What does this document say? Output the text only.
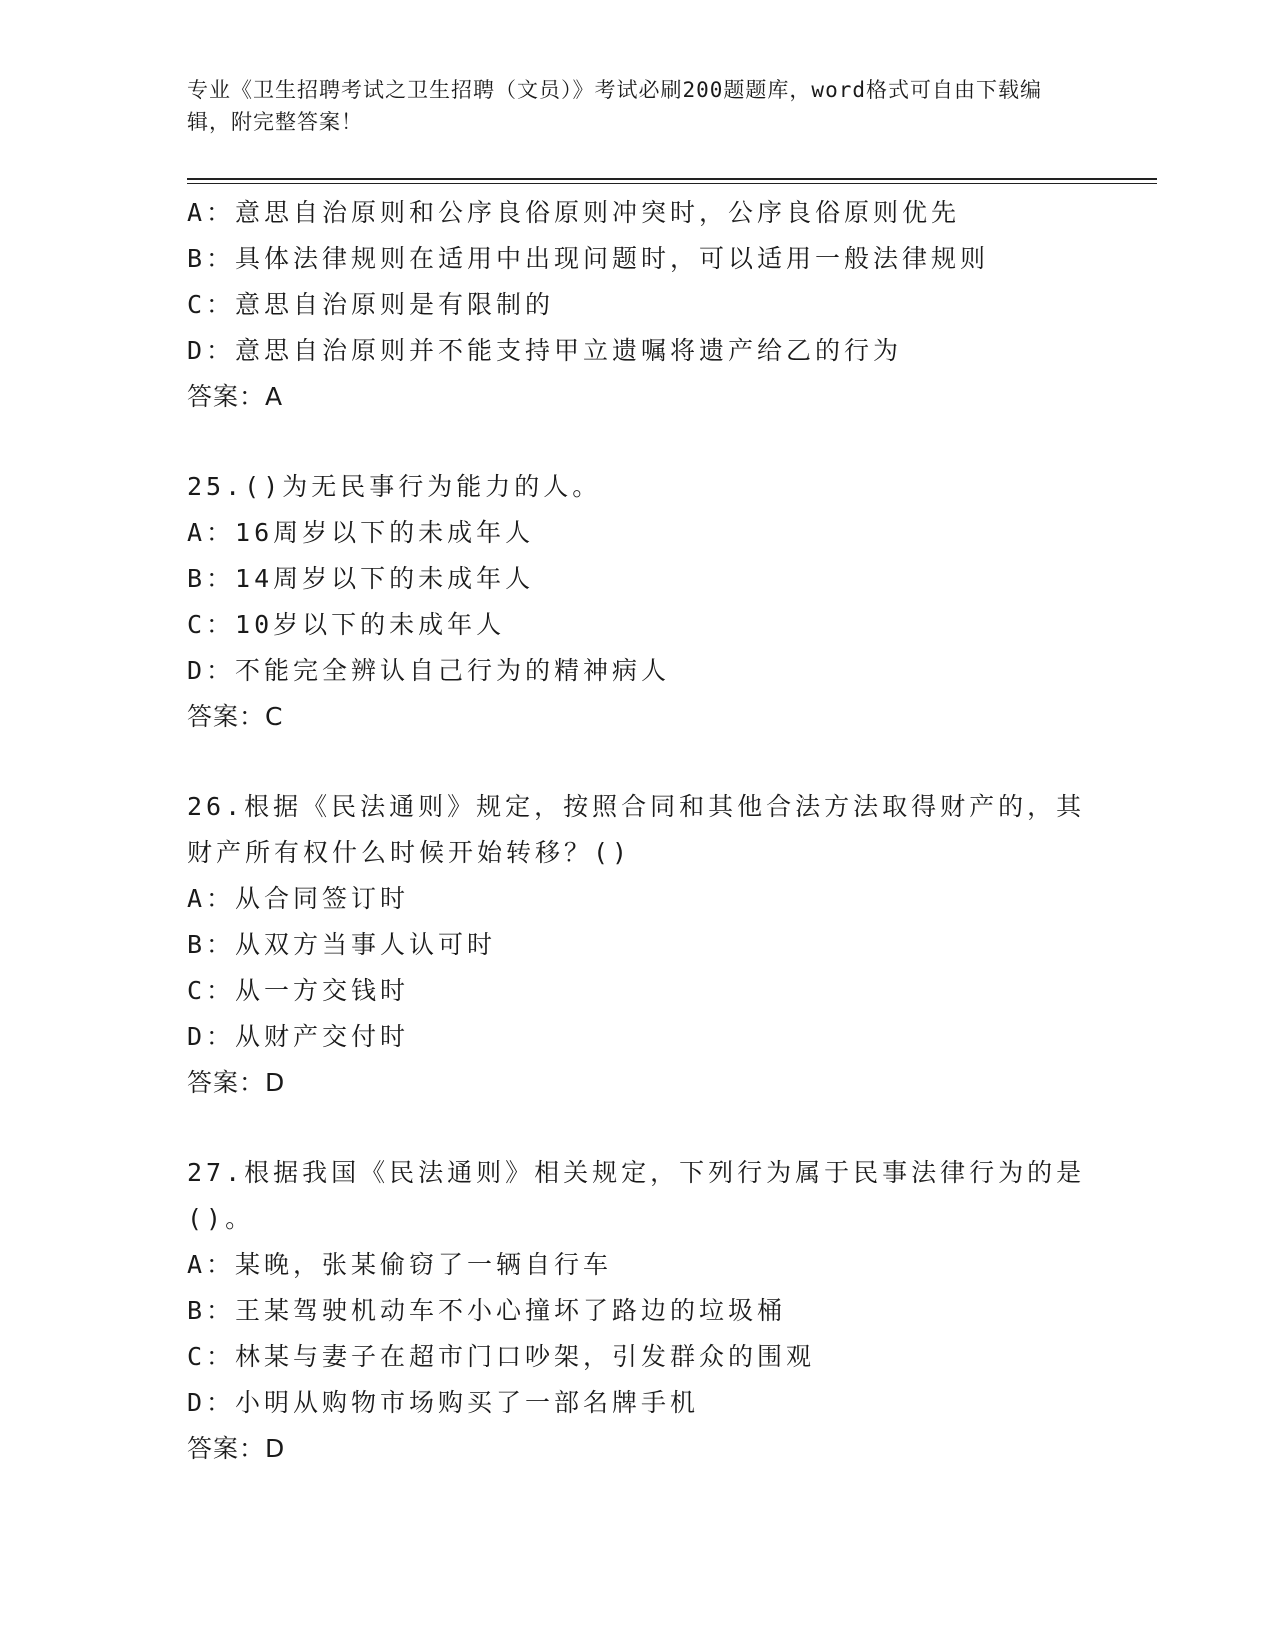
专业《卫生招聘考试之卫生招聘（文员）》考试必刷200题题库，word格式可自由下载编辑，附完整答案！
A：意思自治原则和公序良俗原则冲突时，公序良俗原则优先
B：具体法律规则在适用中出现问题时，可以适用一般法律规则
C：意思自治原则是有限制的
D：意思自治原则并不能支持甲立遗嘱将遗产给乙的行为
答案：A
25.()为无民事行为能力的人。
A：16周岁以下的未成年人
B：14周岁以下的未成年人
C：10岁以下的未成年人
D：不能完全辨认自己行为的精神病人
答案：C
26.根据《民法通则》规定，按照合同和其他合法方法取得财产的，其财产所有权什么时候开始转移？()
A：从合同签订时
B：从双方当事人认可时
C：从一方交钱时
D：从财产交付时
答案：D
27.根据我国《民法通则》相关规定，下列行为属于民事法律行为的是()。
A：某晚，张某偷窃了一辆自行车
B：王某驾驶机动车不小心撞坏了路边的垃圾桶
C：林某与妻子在超市门口吵架，引发群众的围观
D：小明从购物市场购买了一部名牌手机
答案：D
